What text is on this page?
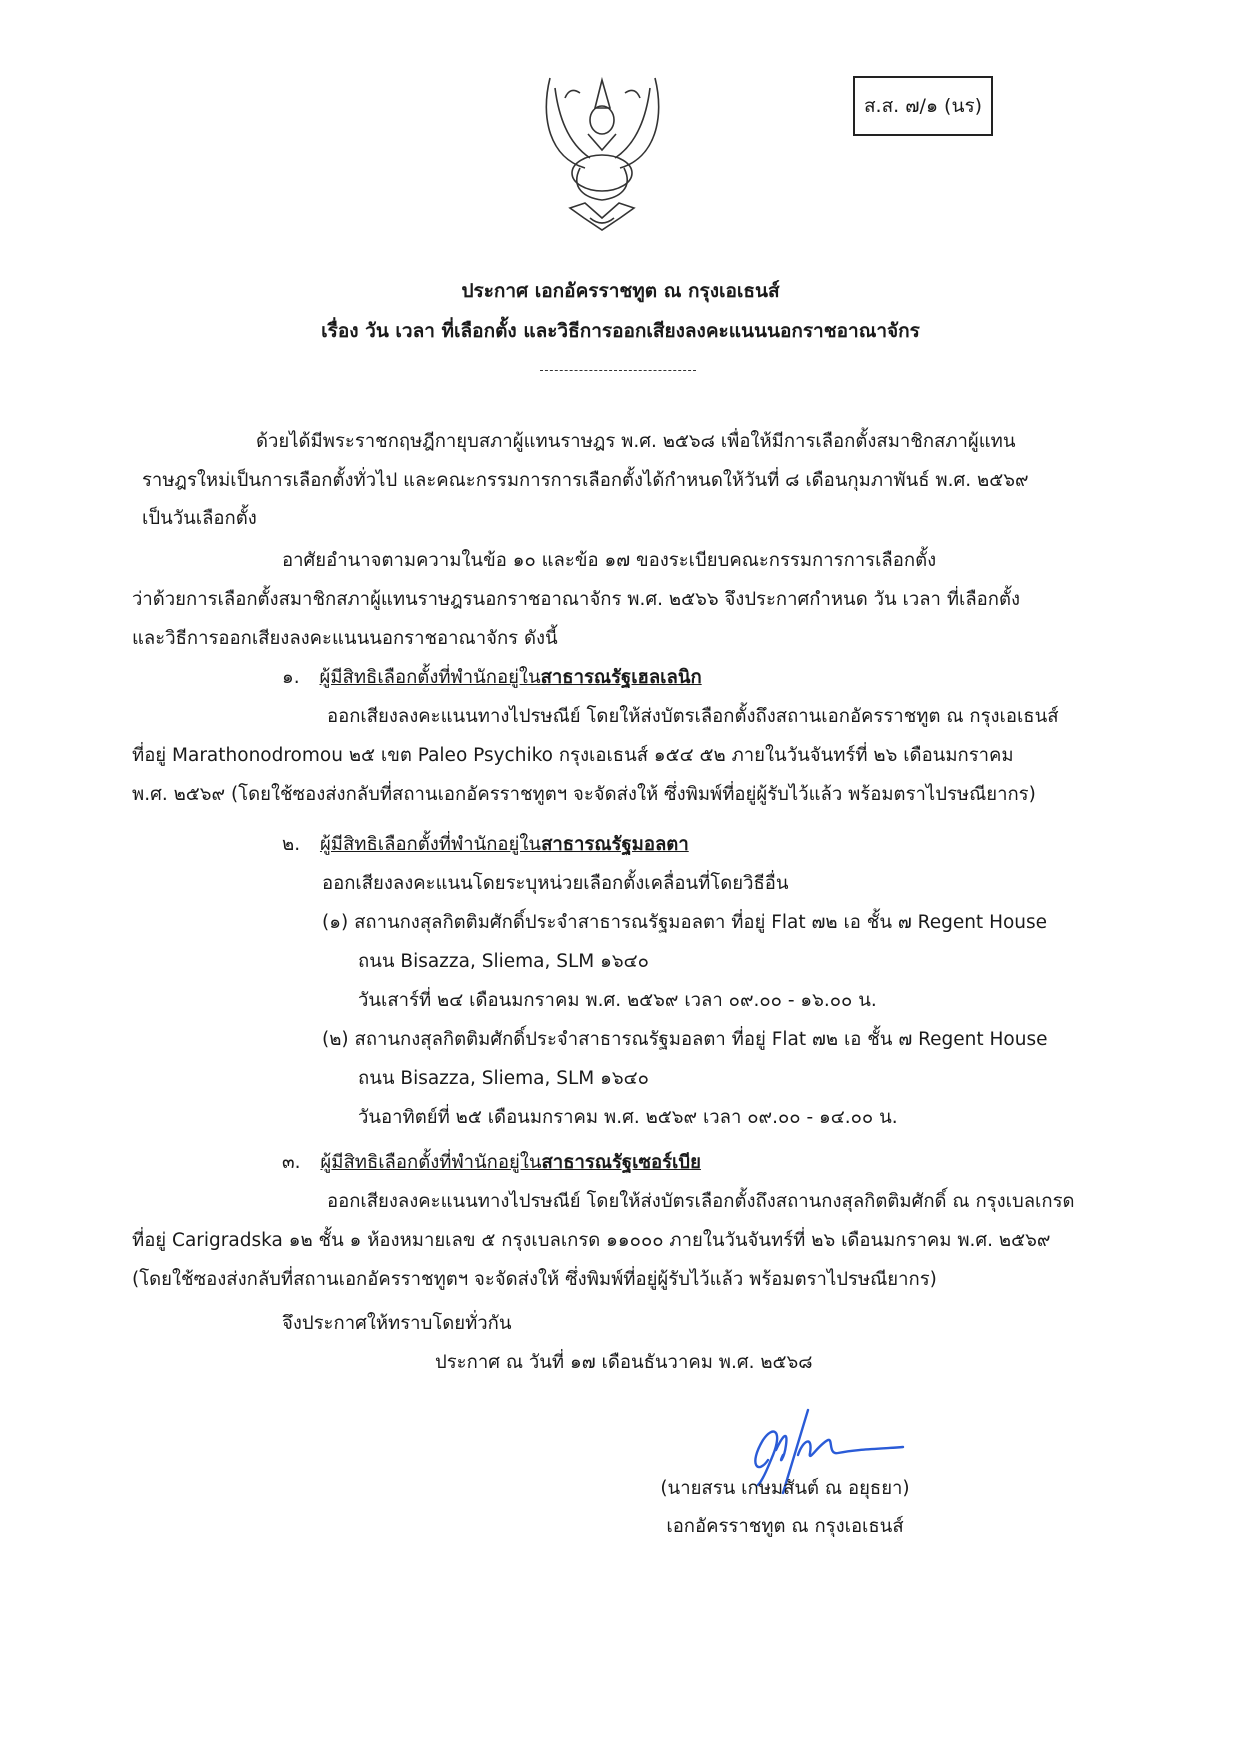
ส.ส. ๗/๑ (นร)
ประกาศ เอกอัครราชทูต ณ กรุงเอเธนส์
เรื่อง วัน เวลา ที่เลือกตั้ง และวิธีการออกเสียงลงคะแนนนอกราชอาณาจักร
ด้วยได้มีพระราชกฤษฎีกายุบสภาผู้แทนราษฎร พ.ศ. ๒๕๖๘ เพื่อให้มีการเลือกตั้งสมาชิกสภาผู้แทน
ราษฎรใหม่เป็นการเลือกตั้งทั่วไป และคณะกรรมการการเลือกตั้งได้กำหนดให้วันที่ ๘ เดือนกุมภาพันธ์ พ.ศ. ๒๕๖๙
เป็นวันเลือกตั้ง
อาศัยอำนาจตามความในข้อ ๑๐ และข้อ ๑๗ ของระเบียบคณะกรรมการการเลือกตั้ง
ว่าด้วยการเลือกตั้งสมาชิกสภาผู้แทนราษฎรนอกราชอาณาจักร พ.ศ. ๒๕๖๖ จึงประกาศกำหนด วัน เวลา ที่เลือกตั้ง
และวิธีการออกเสียงลงคะแนนนอกราชอาณาจักร ดังนี้
๑. ผู้มีสิทธิเลือกตั้งที่พำนักอยู่ในสาธารณรัฐเฮลเลนิก
ออกเสียงลงคะแนนทางไปรษณีย์ โดยให้ส่งบัตรเลือกตั้งถึงสถานเอกอัครราชทูต ณ กรุงเอเธนส์
ที่อยู่ Marathonodromou ๒๕ เขต Paleo Psychiko กรุงเอเธนส์ ๑๕๔ ๕๒ ภายในวันจันทร์ที่ ๒๖ เดือนมกราคม
พ.ศ. ๒๕๖๙ (โดยใช้ซองส่งกลับที่สถานเอกอัครราชทูตฯ จะจัดส่งให้ ซึ่งพิมพ์ที่อยู่ผู้รับไว้แล้ว พร้อมตราไปรษณียากร)
๒. ผู้มีสิทธิเลือกตั้งที่พำนักอยู่ในสาธารณรัฐมอลตา
ออกเสียงลงคะแนนโดยระบุหน่วยเลือกตั้งเคลื่อนที่โดยวิธีอื่น
(๑) สถานกงสุลกิตติมศักดิ์ประจำสาธารณรัฐมอลตา ที่อยู่ Flat ๗๒ เอ ชั้น ๗ Regent House
ถนน Bisazza, Sliema, SLM ๑๖๔๐
วันเสาร์ที่ ๒๔ เดือนมกราคม พ.ศ. ๒๕๖๙ เวลา ๐๙.๐๐ - ๑๖.๐๐ น.
(๒) สถานกงสุลกิตติมศักดิ์ประจำสาธารณรัฐมอลตา ที่อยู่ Flat ๗๒ เอ ชั้น ๗ Regent House
ถนน Bisazza, Sliema, SLM ๑๖๔๐
วันอาทิตย์ที่ ๒๕ เดือนมกราคม พ.ศ. ๒๕๖๙ เวลา ๐๙.๐๐ - ๑๔.๐๐ น.
๓. ผู้มีสิทธิเลือกตั้งที่พำนักอยู่ในสาธารณรัฐเซอร์เบีย
ออกเสียงลงคะแนนทางไปรษณีย์ โดยให้ส่งบัตรเลือกตั้งถึงสถานกงสุลกิตติมศักดิ์ ณ กรุงเบลเกรด
ที่อยู่ Carigradska ๑๒ ชั้น ๑ ห้องหมายเลข ๕ กรุงเบลเกรด ๑๑๐๐๐ ภายในวันจันทร์ที่ ๒๖ เดือนมกราคม พ.ศ. ๒๕๖๙
(โดยใช้ซองส่งกลับที่สถานเอกอัครราชทูตฯ จะจัดส่งให้ ซึ่งพิมพ์ที่อยู่ผู้รับไว้แล้ว พร้อมตราไปรษณียากร)
จึงประกาศให้ทราบโดยทั่วกัน
ประกาศ ณ วันที่ ๑๗ เดือนธันวาคม พ.ศ. ๒๕๖๘
(นายสรน เกษมสันต์ ณ อยุธยา)
เอกอัครราชทูต ณ กรุงเอเธนส์
